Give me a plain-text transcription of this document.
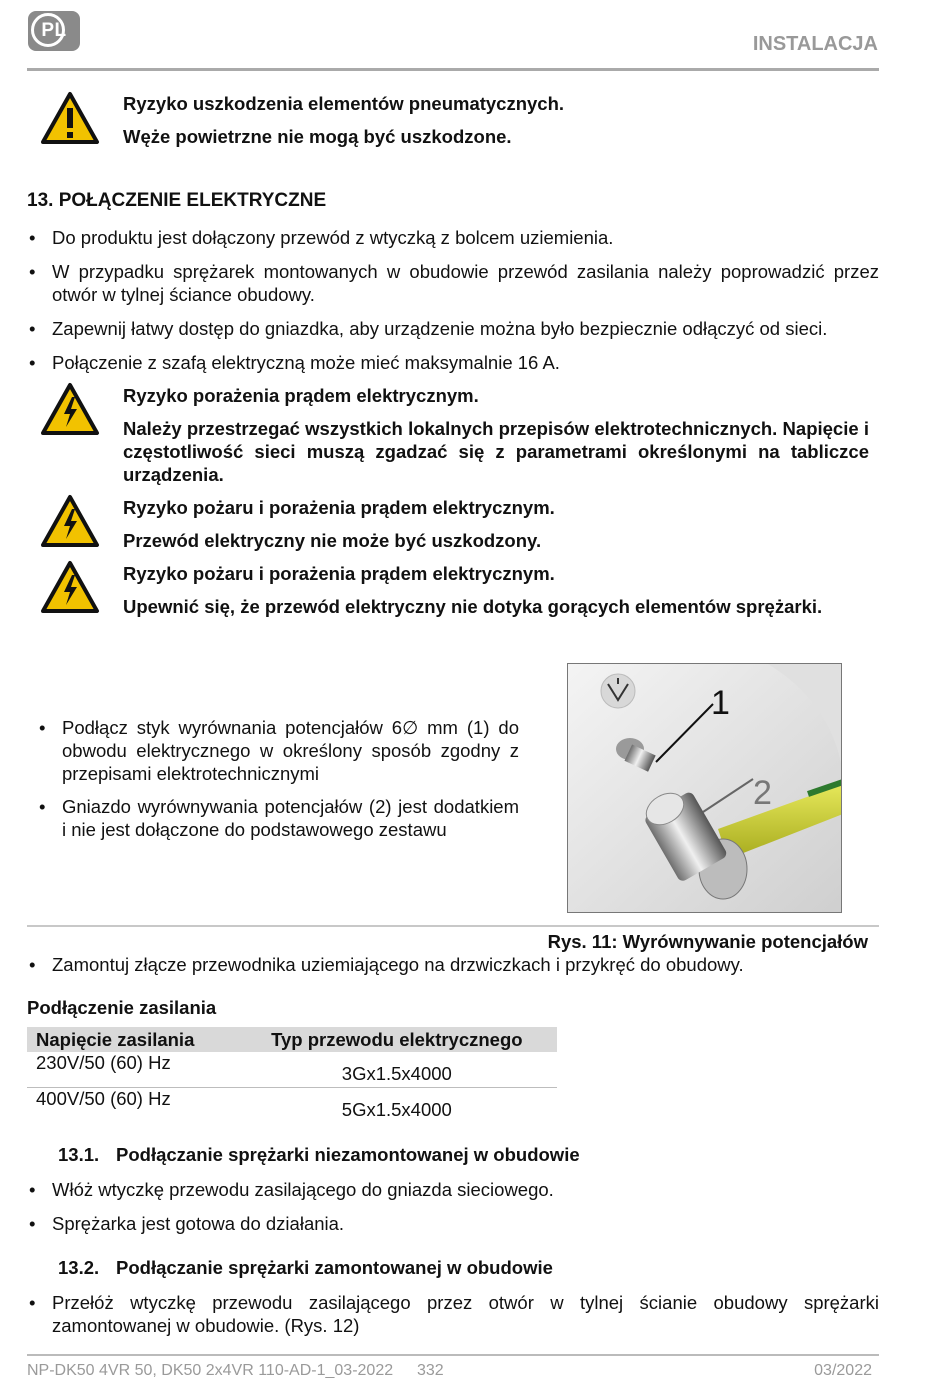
PL
INSTALACJA
Ryzyko uszkodzenia elementów pneumatycznych.
Węże powietrzne nie mogą być uszkodzone.
13. POŁĄCZENIE ELEKTRYCZNE
• Do produktu jest dołączony przewód z wtyczką z bolcem uziemienia.
• W przypadku sprężarek montowanych w obudowie przewód zasilania należy poprowadzić przez otwór w tylnej ściance obudowy.
• Zapewnij łatwy dostęp do gniazdka, aby urządzenie można było bezpiecznie odłączyć od sieci.
• Połączenie z szafą elektryczną może mieć maksymalnie 16 A.
Ryzyko porażenia prądem elektrycznym.
Należy przestrzegać wszystkich lokalnych przepisów elektrotechnicznych. Napięcie i częstotliwość sieci muszą zgadzać się z parametrami określonymi na tabliczce urządzenia.
Ryzyko pożaru i porażenia prądem elektrycznym.
Przewód elektryczny nie może być uszkodzony.
Ryzyko pożaru i porażenia prądem elektrycznym.
Upewnić się, że przewód elektryczny nie dotyka gorących elementów sprężarki.
• Podłącz styk wyrównania potencjałów 6∅ mm (1) do obwodu elektrycznego w określony sposób zgodny z przepisami elektrotechnicznymi
• Gniazdo wyrównywania potencjałów (2) jest dodatkiem i nie jest dołączone do podstawowego zestawu
1
2
Rys. 11: Wyrównywanie potencjałów
• Zamontuj złącze przewodnika uziemiającego na drzwiczkach i przykręć do obudowy.
Podłączenie zasilania
Napięcie zasilania	Typ przewodu elektrycznego
230V/50 (60) Hz	3Gx1.5x4000
400V/50 (60) Hz	5Gx1.5x4000
13.1. Podłączanie sprężarki niezamontowanej w obudowie
• Włóż wtyczkę przewodu zasilającego do gniazda sieciowego.
• Sprężarka jest gotowa do działania.
13.2. Podłączanie sprężarki zamontowanej w obudowie
• Przełóż wtyczkę przewodu zasilającego przez otwór w tylnej ścianie obudowy sprężarki zamontowanej w obudowie. (Rys. 12)
NP-DK50 4VR 50, DK50 2x4VR 110-AD-1_03-2022 332	03/2022
